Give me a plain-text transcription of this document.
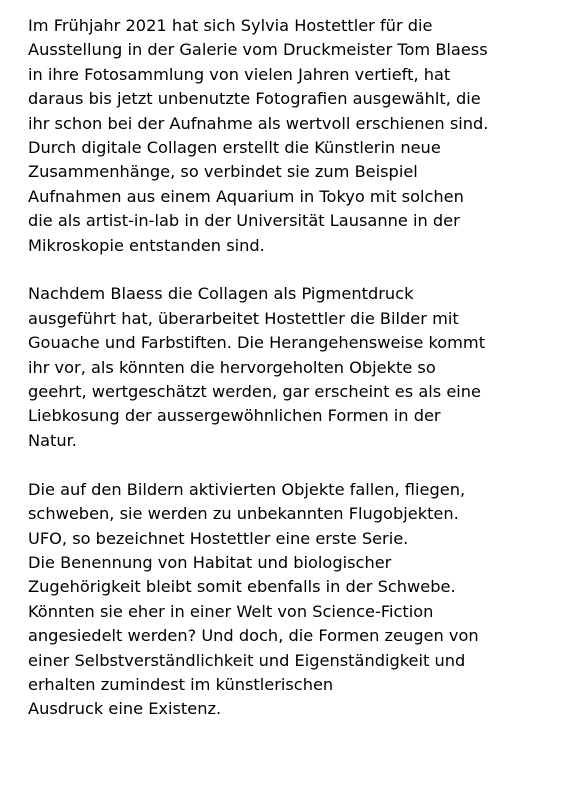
Im Frühjahr 2021 hat sich Sylvia Hostettler für die
Ausstellung in der Galerie vom Druckmeister Tom Blaess
in ihre Fotosammlung von vielen Jahren vertieft, hat
daraus bis jetzt unbenutzte Fotografien ausgewählt, die
ihr schon bei der Aufnahme als wertvoll erschienen sind.
Durch digitale Collagen erstellt die Künstlerin neue
Zusammenhänge, so verbindet sie zum Beispiel
Aufnahmen aus einem Aquarium in Tokyo mit solchen
die als artist-in-lab in der Universität Lausanne in der
Mikroskopie entstanden sind.

Nachdem Blaess die Collagen als Pigmentdruck
ausgeführt hat, überarbeitet Hostettler die Bilder mit
Gouache und Farbstiften. Die Herangehensweise kommt
ihr vor, als könnten die hervorgeholten Objekte so
geehrt, wertgeschätzt werden, gar erscheint es als eine
Liebkosung der aussergewöhnlichen Formen in der
Natur.

Die auf den Bildern aktivierten Objekte fallen, fliegen,
schweben, sie werden zu unbekannten Flugobjekten.
UFO, so bezeichnet Hostettler eine erste Serie.
Die Benennung von Habitat und biologischer
Zugehörigkeit bleibt somit ebenfalls in der Schwebe.
Könnten sie eher in einer Welt von Science-Fiction
angesiedelt werden? Und doch, die Formen zeugen von
einer Selbstverständlichkeit und Eigenständigkeit und
erhalten zumindest im künstlerischen
Ausdruck eine Existenz.
